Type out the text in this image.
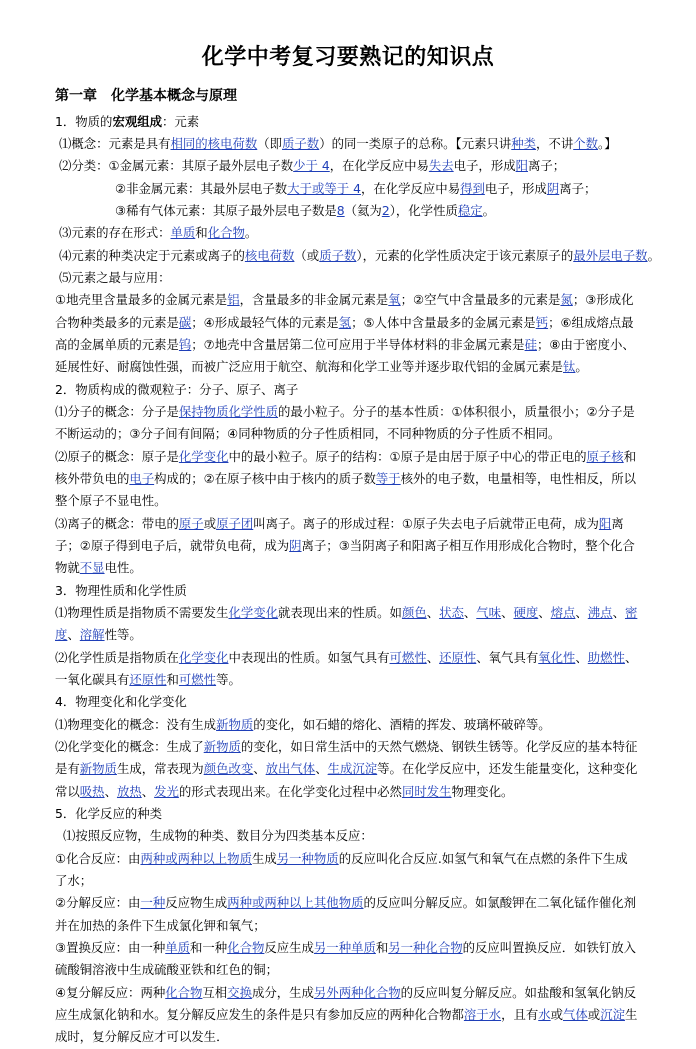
化学中考复习要熟记的知识点
第一章　化学基本概念与原理
1．物质的宏观组成：元素
⑴概念：元素是具有相同的核电荷数（即质子数）的同一类原子的总称。【元素只讲种类，不讲个数。】
⑵分类：①金属元素：其原子最外层电子数少于 4，在化学反应中易失去电子，形成阳离子；
②非金属元素：其最外层电子数大于或等于 4，在化学反应中易得到电子，形成阴离子；
③稀有气体元素：其原子最外层电子数是8（氦为2），化学性质稳定。
⑶元素的存在形式：单质和化合物。
⑷元素的种类决定于元素或离子的核电荷数（或质子数），元素的化学性质决定于该元素原子的最外层电子数。
⑸元素之最与应用：
①地壳里含量最多的金属元素是铝，含量最多的非金属元素是氧；②空气中含量最多的元素是氮；③形成化合物种类最多的元素是碳；④形成最轻气体的元素是氢；⑤人体中含量最多的金属元素是钙；⑥组成熔点最高的金属单质的元素是钨；⑦地壳中含量居第二位可应用于半导体材料的非金属元素是硅；⑧由于密度小、延展性好、耐腐蚀性强，而被广泛应用于航空、航海和化学工业等并逐步取代铝的金属元素是钛。
2．物质构成的微观粒子：分子、原子、离子
⑴分子的概念：分子是保持物质化学性质的最小粒子。分子的基本性质：①体积很小，质量很小；②分子是不断运动的；③分子间有间隔；④同种物质的分子性质相同，不同种物质的分子性质不相同。
⑵原子的概念：原子是化学变化中的最小粒子。原子的结构：①原子是由居于原子中心的带正电的原子核和核外带负电的电子构成的；②在原子核中由于核内的质子数等于核外的电子数，电量相等，电性相反，所以整个原子不显电性。
⑶离子的概念：带电的原子或原子团叫离子。离子的形成过程：①原子失去电子后就带正电荷，成为阳离子；②原子得到电子后，就带负电荷，成为阴离子；③当阴离子和阳离子相互作用形成化合物时，整个化合物就不显电性。
3．物理性质和化学性质
⑴物理性质是指物质不需要发生化学变化就表现出来的性质。如颜色、状态、气味、硬度、熔点、沸点、密度、溶解性等。
⑵化学性质是指物质在化学变化中表现出的性质。如氢气具有可燃性、还原性、氧气具有氧化性、助燃性、一氧化碳具有还原性和可燃性等。
4．物理变化和化学变化
⑴物理变化的概念：没有生成新物质的变化，如石蜡的熔化、酒精的挥发、玻璃杯破碎等。
⑵化学变化的概念：生成了新物质的变化，如日常生活中的天然气燃烧、钢铁生锈等。化学反应的基本特征是有新物质生成，常表现为颜色改变、放出气体、生成沉淀等。在化学反应中，还发生能量变化，这种变化常以吸热、放热、发光的形式表现出来。在化学变化过程中必然同时发生物理变化。
5．化学反应的种类
⑴按照反应物，生成物的种类、数目分为四类基本反应：
①化合反应：由两种或两种以上物质生成另一种物质的反应叫化合反应.如氢气和氧气在点燃的条件下生成了水；
②分解反应：由一种反应物生成两种或两种以上其他物质的反应叫分解反应。如氯酸钾在二氧化锰作催化剂并在加热的条件下生成氯化钾和氧气；
③置换反应：由一种单质和一种化合物反应生成另一种单质和另一种化合物的反应叫置换反应．如铁钉放入硫酸铜溶液中生成硫酸亚铁和红色的铜；
④复分解反应：两种化合物互相交换成分，生成另外两种化合物的反应叫复分解反应。如盐酸和氢氧化钠反应生成氯化钠和水。复分解反应发生的条件是只有参加反应的两种化合物都溶于水，且有水或气体或沉淀生成时，复分解反应才可以发生．
